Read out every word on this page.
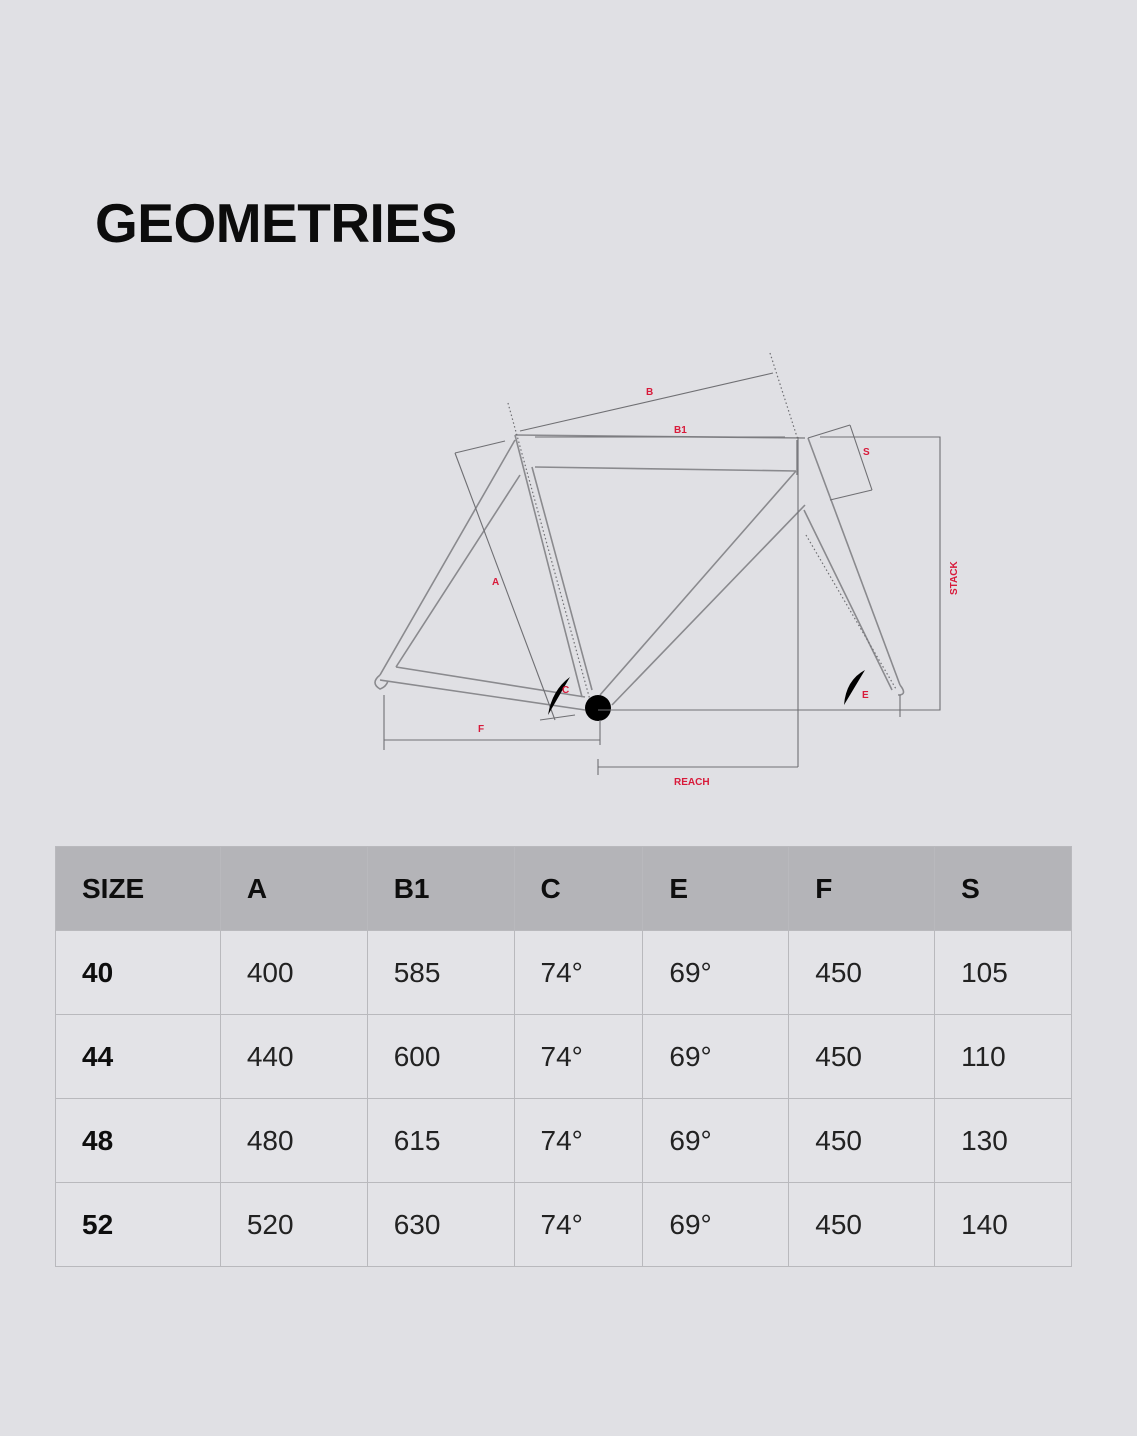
GEOMETRIES
B
B1
A
C	E
F
S
REACH
STACK
SIZE	A	B1	C	E	F	S
40	400	585	74°	69°	450	105
44	440	600	74°	69°	450	110
48	480	615	74°	69°	450	130
52	520	630	74°	69°	450	140
